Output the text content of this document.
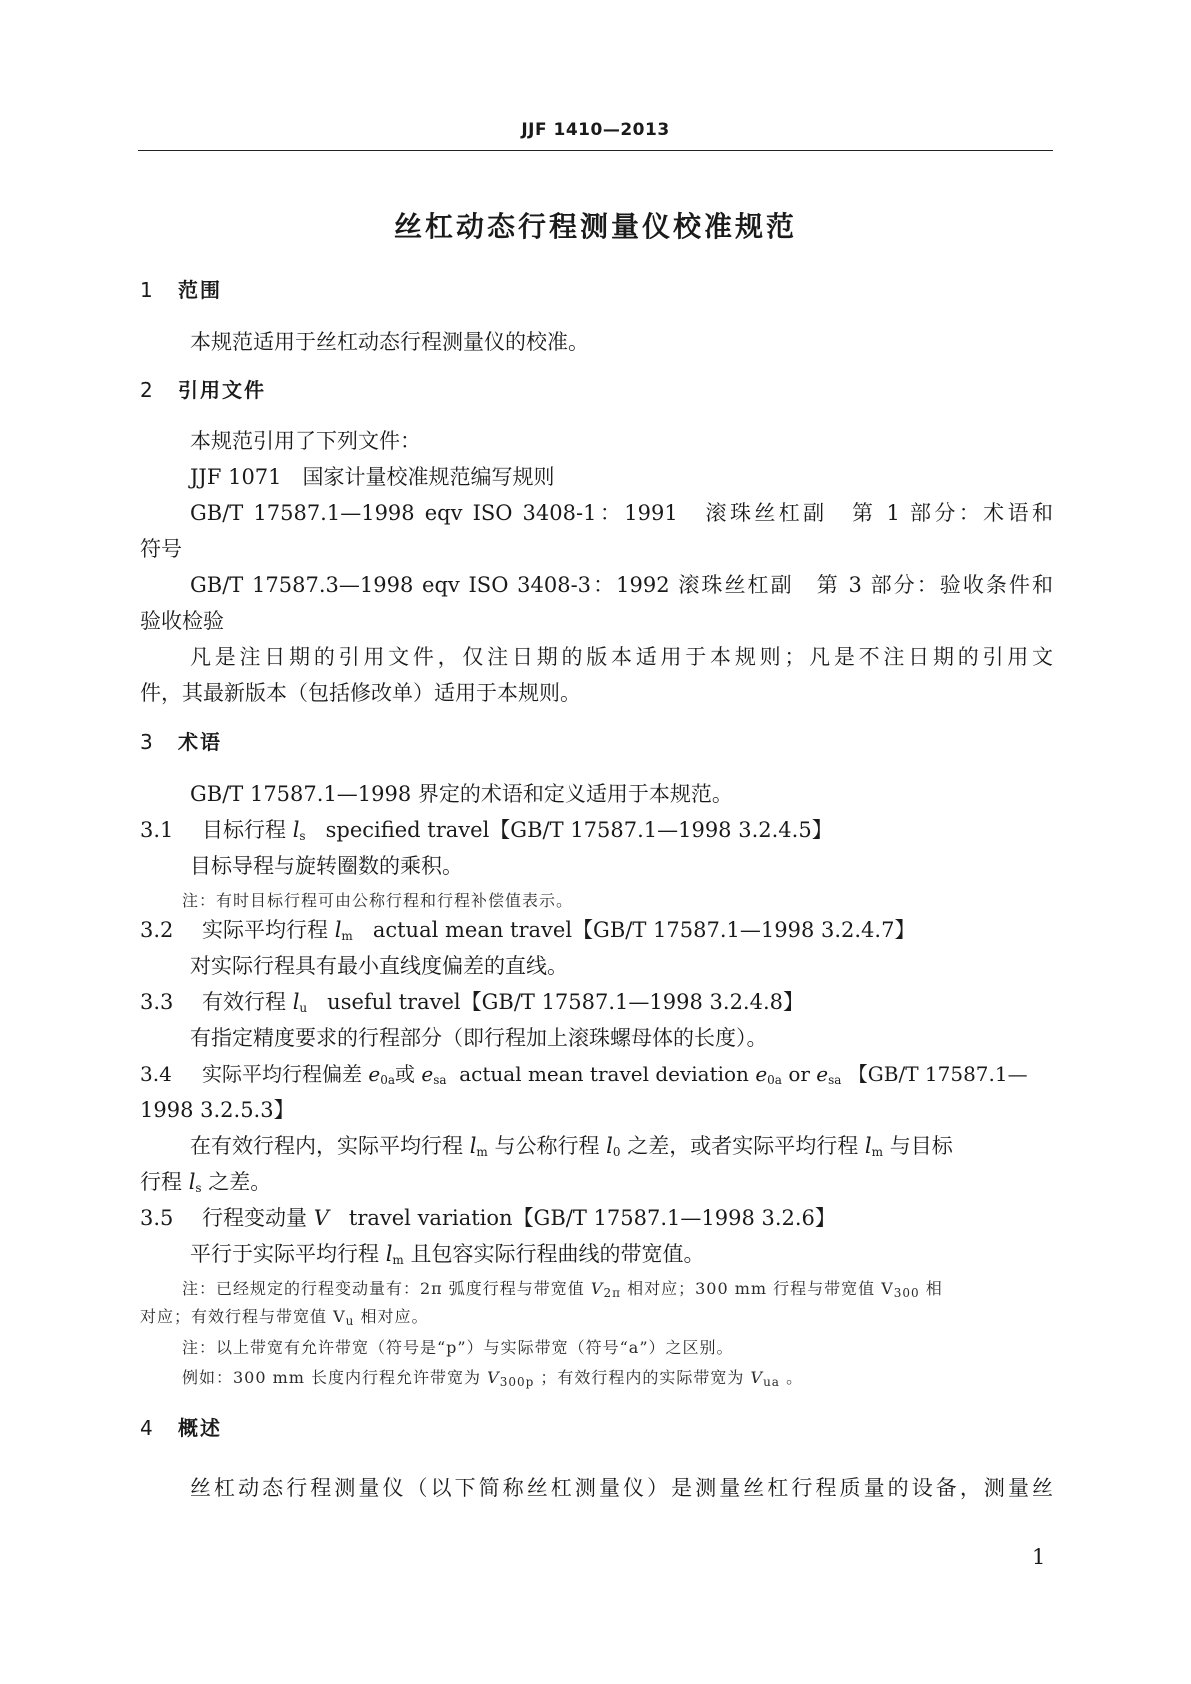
JJF 1410—2013
丝杠动态行程测量仪校准规范
1 范围
本规范适用于丝杠动态行程测量仪的校准。
2 引用文件
本规范引用了下列文件：
JJF 1071　国家计量校准规范编写规则
GB/T 17587.1—1998 eqv ISO 3408-1：1991　滚珠丝杠副　第 1 部分：术语和
符号
GB/T 17587.3—1998 eqv ISO 3408-3：1992 滚珠丝杠副　第 3 部分：验收条件和
验收检验
凡是注日期的引用文件，仅注日期的版本适用于本规则；凡是不注日期的引用文
件，其最新版本（包括修改单）适用于本规则。
3 术语
GB/T 17587.1—1998 界定的术语和定义适用于本规范。
3.1 目标行程 $l_s$ specified travel【GB/T 17587.1—1998 3.2.4.5】
目标导程与旋转圈数的乘积。
注：有时目标行程可由公称行程和行程补偿值表示。
3.2 实际平均行程 $l_m$ actual mean travel【GB/T 17587.1—1998 3.2.4.7】
对实际行程具有最小直线度偏差的直线。
3.3 有效行程 $l_u$ useful travel【GB/T 17587.1—1998 3.2.4.8】
有指定精度要求的行程部分（即行程加上滚珠螺母体的长度）。
3.4 实际平均行程偏差 $e_{0a}$或 $e_{sa}$ actual mean travel deviation $e_{0a}$ or $e_{sa}$ 【GB/T 17587.1—
1998 3.2.5.3】
在有效行程内，实际平均行程 $l_m$ 与公称行程 $l_0$ 之差，或者实际平均行程 $l_m$ 与目标
行程 $l_s$ 之差。
3.5 行程变动量 V travel variation【GB/T 17587.1—1998 3.2.6】
平行于实际平均行程 $l_m$ 且包容实际行程曲线的带宽值。
注：已经规定的行程变动量有：2π 弧度行程与带宽值 $V_{2\pi}$ 相对应；300 mm 行程与带宽值 $V_{300}$ 相
对应；有效行程与带宽值 $V_u$ 相对应。
注：以上带宽有允许带宽（符号是“p”）与实际带宽（符号“a”）之区别。
例如：300 mm 长度内行程允许带宽为 $V_{300p}$ ；有效行程内的实际带宽为 $V_{ua}$ 。
4 概述
丝杠动态行程测量仪（以下简称丝杠测量仪）是测量丝杠行程质量的设备，测量丝
1
